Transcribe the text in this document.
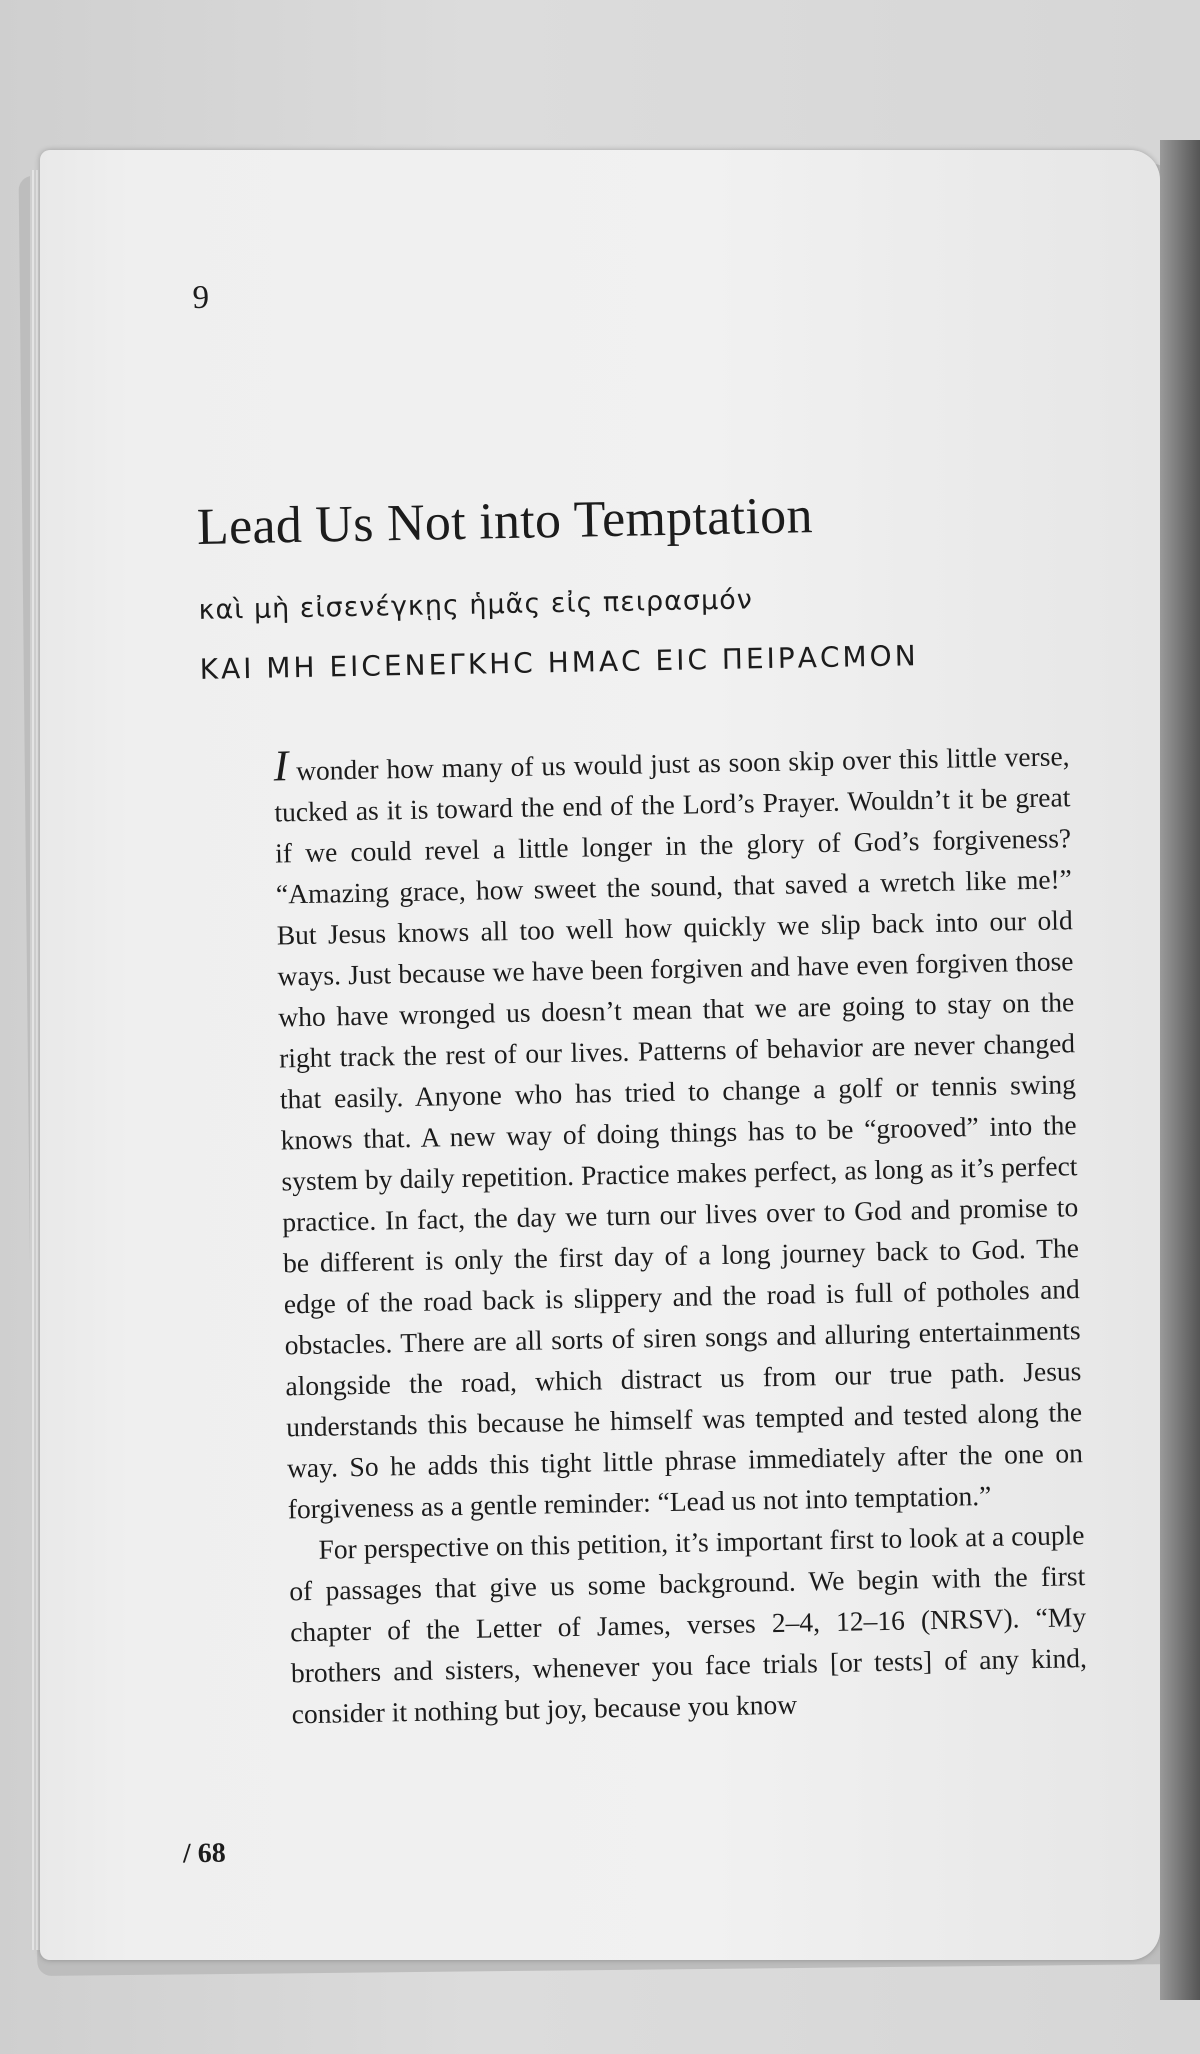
9
Lead Us Not into Temptation
καὶ μὴ εἰσενέγκῃς ἡμᾶς εἰς πειρασμόν
ΚΑΙ ΜΗ ΕΙϹΕΝΕΓΚΗϹ ΗΜΑϹ ΕΙϹ ΠΕΙΡΑϹΜΟΝ

I wonder how many of us would just as soon skip over this little verse, tucked as it is toward the end of the Lord’s Prayer. Wouldn’t it be great if we could revel a little longer in the glory of God’s forgiveness? “Amazing grace, how sweet the sound, that saved a wretch like me!” But Jesus knows all too well how quickly we slip back into our old ways. Just because we have been forgiven and have even forgiven those who have wronged us doesn’t mean that we are going to stay on the right track the rest of our lives. Patterns of behavior are never changed that easily. Anyone who has tried to change a golf or tennis swing knows that. A new way of doing things has to be “grooved” into the system by daily repetition. Practice makes perfect, as long as it’s perfect practice. In fact, the day we turn our lives over to God and promise to be different is only the first day of a long journey back to God. The edge of the road back is slippery and the road is full of potholes and obstacles. There are all sorts of siren songs and alluring entertainments alongside the road, which distract us from our true path. Jesus understands this because he himself was tempted and tested along the way. So he adds this tight little phrase immediately after the one on forgiveness as a gentle reminder: “Lead us not into temptation.”

For perspective on this petition, it’s important first to look at a couple of passages that give us some background. We begin with the first chapter of the Letter of James, verses 2–4, 12–16 (NRSV). “My brothers and sisters, whenever you face trials [or tests] of any kind, consider it nothing but joy, because you know

/ 68
